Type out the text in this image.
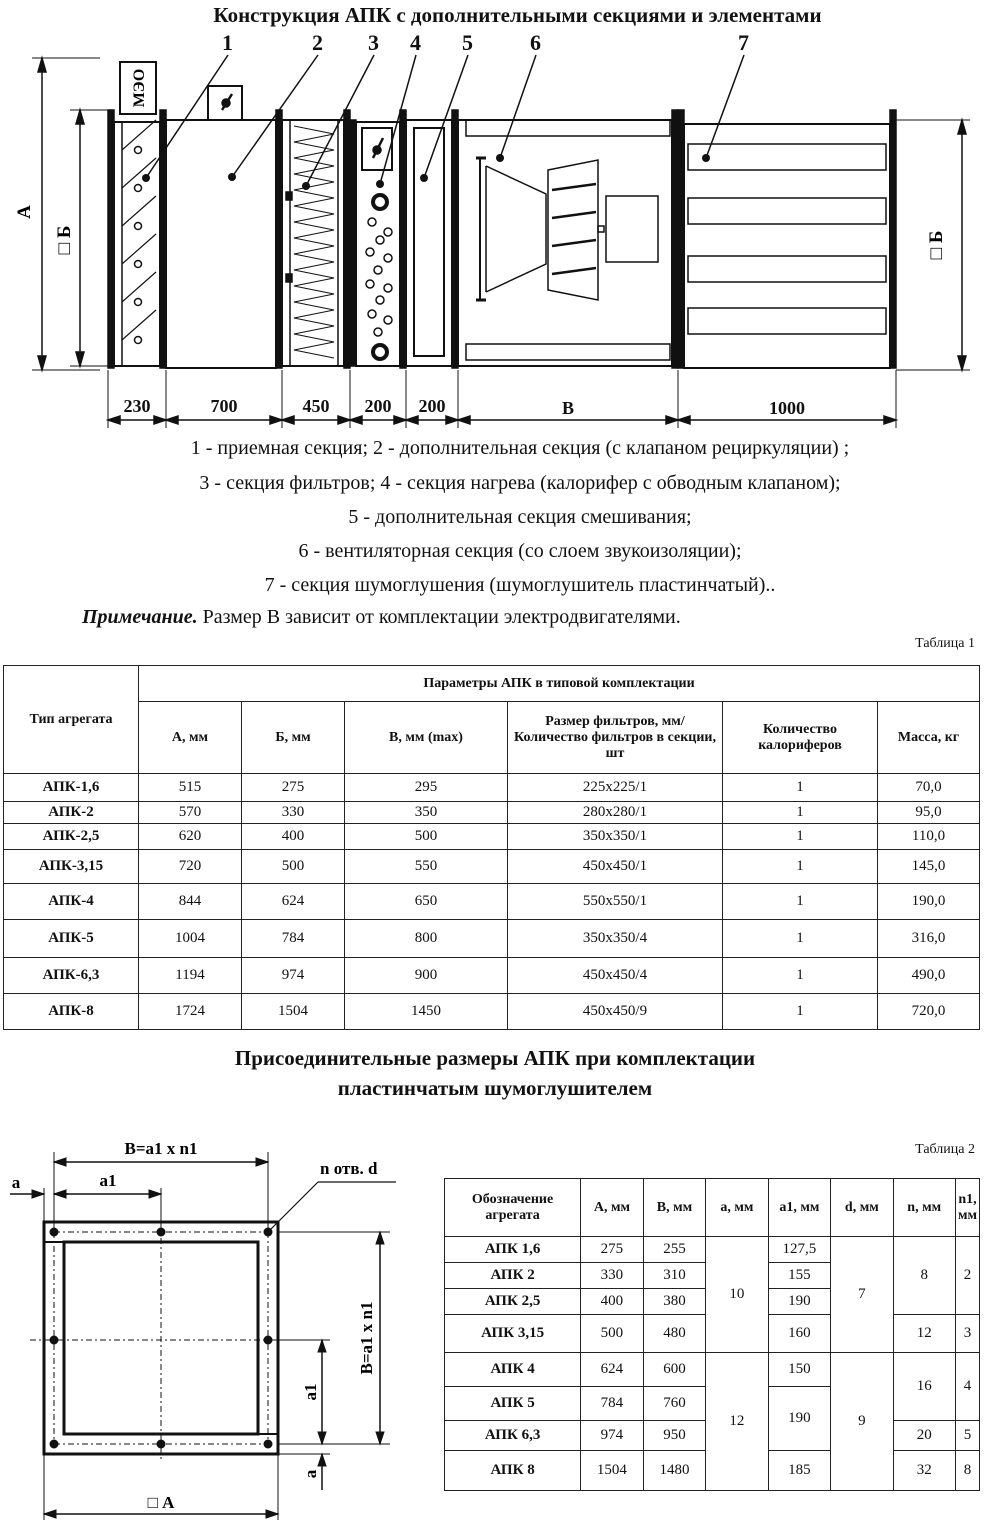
Конструкция АПК с дополнительными секциями и элементами
1	2 3 4 5	6	7
А
□ Б
МЭО
□ Б
230	700	450	200	200	В	1000
1 - приемная секция; 2 - дополнительная секция (с клапаном рециркуляции) ;
3 - секция фильтров; 4 - секция нагрева (калорифер с обводным клапаном);
5 - дополнительная секция смешивания;
6 - вентиляторная секция (со слоем звукоизоляции);
7 - секция шумоглушения (шумоглушитель пластинчатый)..
Примечание. Размер В зависит от комплектации электродвигателями.
Таблица 1
Тип агрегата	Параметры АПК в типовой комплектации					
	А, мм	Б, мм	В, мм (max)	Размер фильтров, мм/ Количество фильтров в секции, шт	Количество калориферов	Масса, кг
АПК-1,6	515	275	295	225x225/1	1	70,0
АПК-2	570	330	350	280x280/1	1	95,0
АПК-2,5	620	400	500	350x350/1	1	110,0
АПК-3,15	720	500	550	450x450/1	1	145,0
АПК-4	844	624	650	550x550/1	1	190,0
АПК-5	1004	784	800	350x350/4	1	316,0
АПК-6,3	1194	974	900	450x450/4	1	490,0
АПК-8	1724	1504	1450	450x450/9	1	720,0
Присоединительные размеры АПК при комплектации
пластинчатым шумоглушителем
В=а1 х n1
а1
а
n отв. d
В=а1 х n1
а1
а
□ А
Таблица 2
Обозначение агрегата	А, мм	В, мм	а, мм	а1, мм	d, мм	n, мм	n1, мм
АПК 1,6	275	255	10	127,5	7	8	2
АПК 2	330	310		155			
АПК 2,5	400	380		190			
АПК 3,15	500	480		160		12	3
АПК 4	624	600	12	150	9	16	4
АПК 5	784	760		190			
АПК 6,3	974	950				20	5
АПК 8	1504	1480		185		32	8
